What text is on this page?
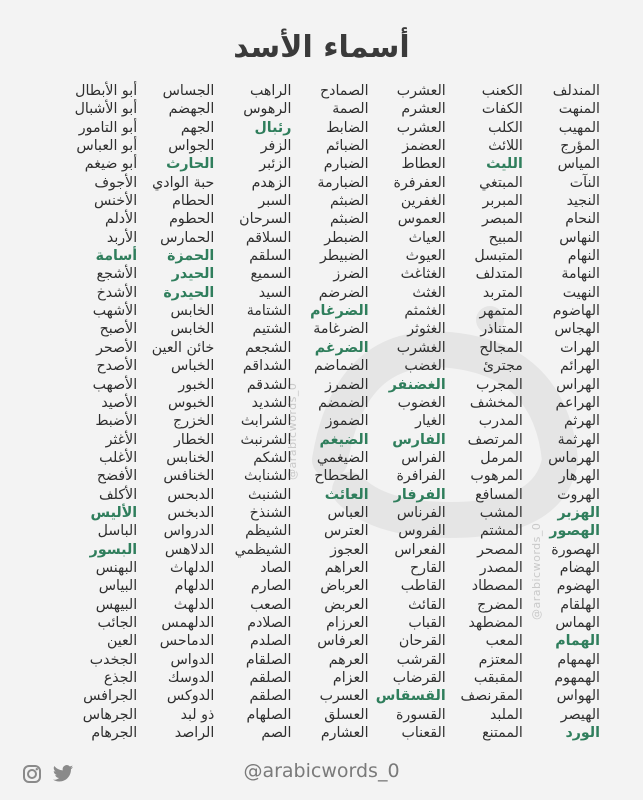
أسماء الأسد
@arabicwords_0
@arabicwords_0
أبو الأبطال
أبو الأشبال
أبو التامور
أبو العباس
أبو ضيغم
الأجوف
الأخنس
الأدلم
الأربد
أسامة
الأشجع
الأشدخ
الأشهب
الأصبح
الأصحر
الأصدح
الأصهب
الأصيد
الأضبط
الأغثر
الأغلب
الأفضح
الأكلف
الأليس
الباسل
البسور
البهنس
البياس
البيهس
الجائب
العين
الجخدب
الجذع
الجرافس
الجرهاس
الجرهام
الجساس
الجهضم
الجهم
الجواس
الحارث
حبة الوادي
الحطام
الحطوم
الحمارس
الحمزة
الحيدر
الحيدرة
الخابس
الخابس
خائن العين
الخباس
الخبور
الخبوس
الخزرج
الخطار
الخنابس
الخنافس
الدبحس
الدبخس
الدرواس
الدلاهس
الدلهاث
الدلهام
الدلهث
الدلهمس
الدماحس
الدواس
الدوسك
الدوكس
ذو لبد
الراصد
الراهب
الرهوس
رئبال
الزفر
الزئبر
الزهدم
السبر
السرحان
السلاقم
السلقم
السميع
السيد
الشتامة
الشتيم
الشجعم
الشداقم
الشدقم
الشديد
الشرابث
الشرنبث
الشكم
الشنابث
الشنبث
الشنذخ
الشيظم
الشيظمي
الصاد
الصارم
الصعب
الصلادم
الصلدم
الصلقام
الصلقم
الصلقم
الصلهام
الصم
الصمادح
الصمة
الضابط
الضبائم
الضبارم
الضبارمة
الضبثم
الضبثم
الضبطر
الضبيطر
الضرز
الضرضم
الضرغام
الضرغامة
الضرغم
الضماضم
الضمرز
الضمضم
الضموز
الضيغم
الضيغمي
الطحطاح
العائث
العباس
العترس
العجوز
العراهم
العرباض
العربض
العرزام
العرفاس
العرهم
العزام
العسرب
العسلق
العشارم
العشرب
العشرم
العشرب
العضمز
العطاط
العفرفرة
الغفرين
العموس
العياث
العيوث
الغثاغث
الغثث
الغثمثم
الغثوثر
الغشرب
الغضب
الغضنفر
الغضوب
الغيار
الفارس
الفراس
الفرافرة
الفرفار
الفرناس
الفروس
الفعراس
القارح
القاطب
القائث
القباب
القرحان
القرشب
القرضاب
القسقاس
القسورة
القعناب
الكعنب
الكفات
الكلب
اللائث
الليث
المبتغي
المبربر
المبصر
المبيح
المتبسل
المتدلف
المتربد
المتمهر
المتناذر
المجالح
مجترئ
المجرب
المخشف
المدرب
المرتصف
المرمل
المرهوب
المسافع
المشب
المشتم
المصحر
المصدر
المصطاد
المضرج
المضطهد
المعب
المعتزم
المقبقب
المقرنصف
الملبد
الممتنع
المندلف
المنهت
المهيب
المؤرج
المياس
النآت
النجيد
النحام
النهاس
النهام
النهامة
النهيت
الهاضوم
الهجاس
الهرات
الهرائم
الهراس
الهراعم
الهرثم
الهرثمة
الهرماس
الهرهار
الهروت
الهزبر
الهصور
الهصورة
الهضام
الهضوم
الهلقام
الهماس
الهمام
الهمهام
الهمهوم
الهواس
الهيصر
الورد
@arabicwords_0
